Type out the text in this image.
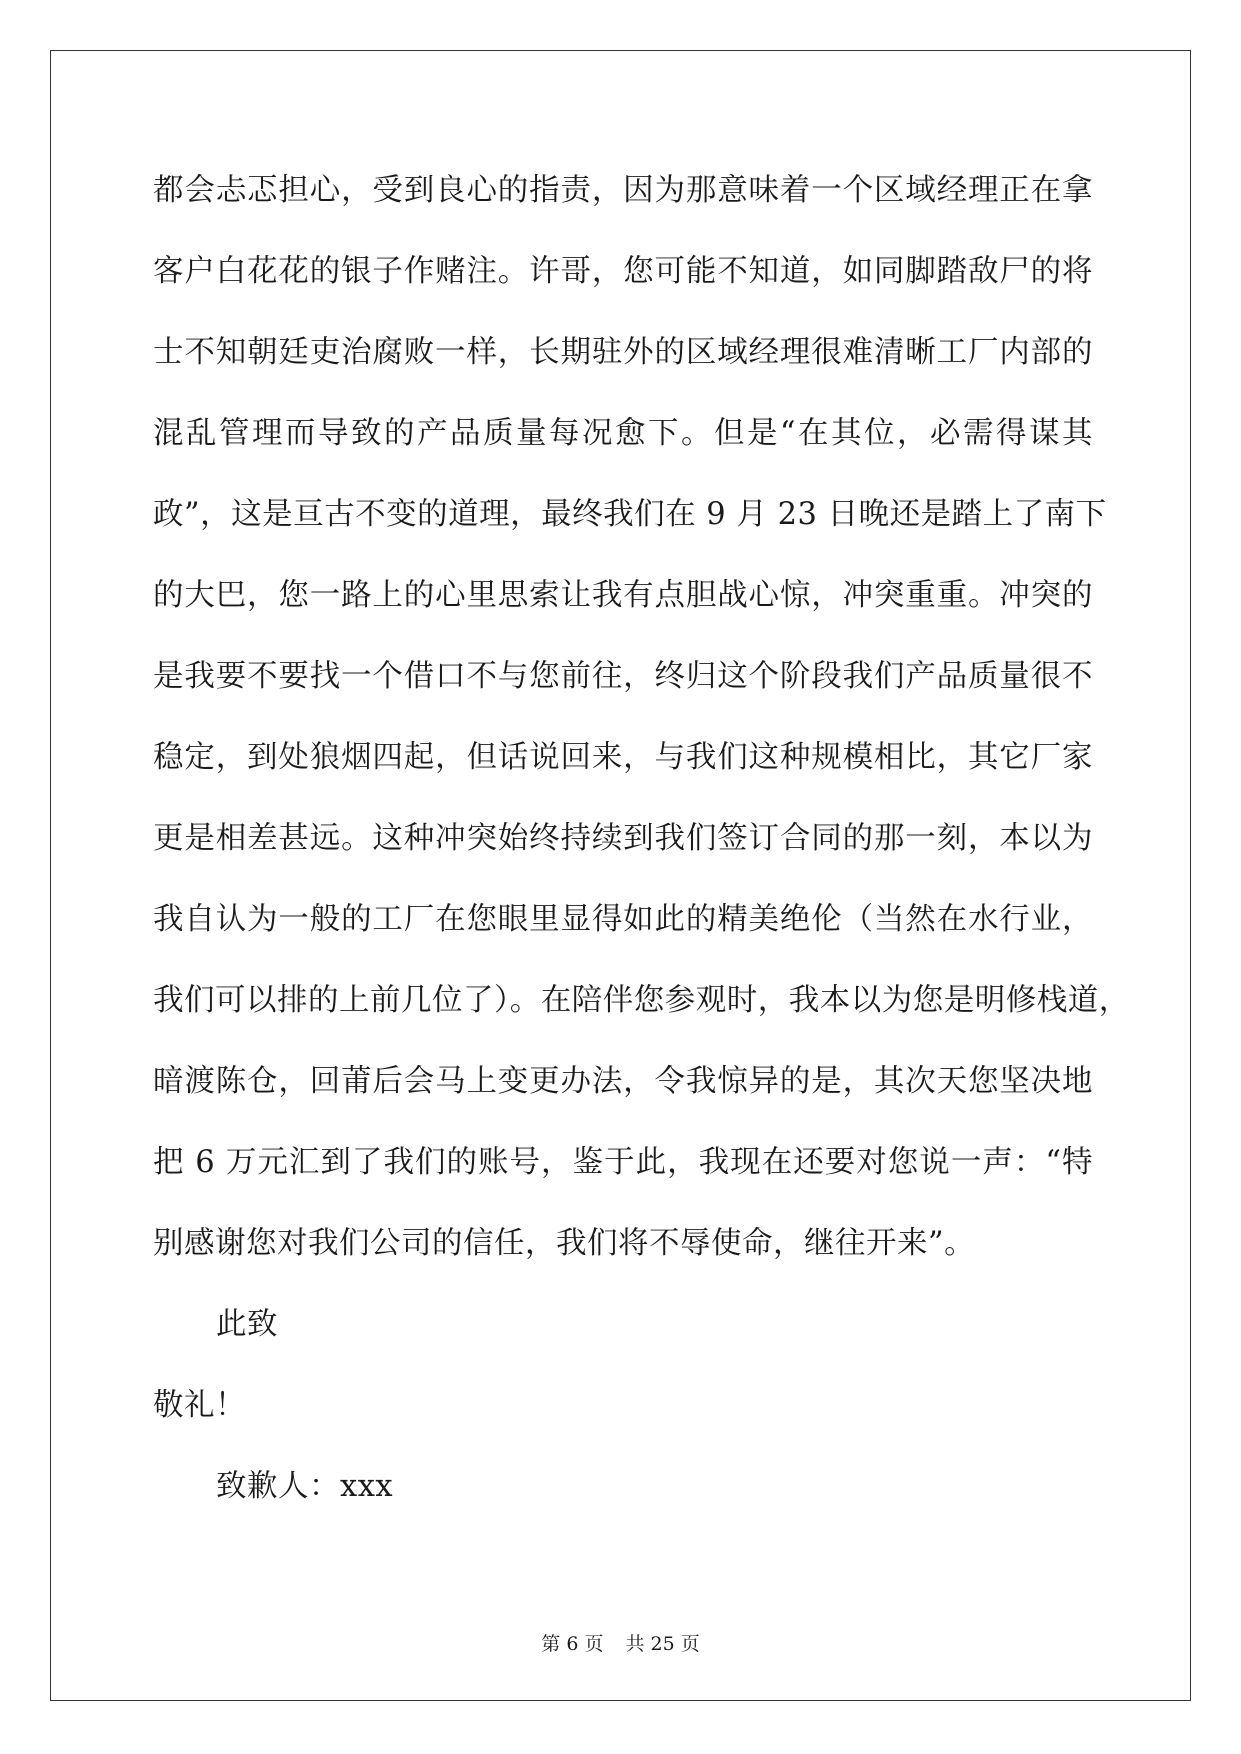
都会忐忑担心，受到良心的指责，因为那意味着一个区域经理正在拿
客户白花花的银子作赌注。许哥，您可能不知道，如同脚踏敌尸的将
士不知朝廷吏治腐败一样，长期驻外的区域经理很难清晰工厂内部的
混乱管理而导致的产品质量每况愈下。但是“在其位，必需得谋其
政”，这是亘古不变的道理，最终我们在 9 月 23 日晚还是踏上了南下
的大巴，您一路上的心里思索让我有点胆战心惊，冲突重重。冲突的
是我要不要找一个借口不与您前往，终归这个阶段我们产品质量很不
稳定，到处狼烟四起，但话说回来，与我们这种规模相比，其它厂家
更是相差甚远。这种冲突始终持续到我们签订合同的那一刻，本以为
我自认为一般的工厂在您眼里显得如此的精美绝伦（当然在水行业，
我们可以排的上前几位了）。在陪伴您参观时，我本以为您是明修栈道，
暗渡陈仓，回莆后会马上变更办法，令我惊异的是，其次天您坚决地
把 6 万元汇到了我们的账号，鉴于此，我现在还要对您说一声：“特
别感谢您对我们公司的信任，我们将不辱使命，继往开来”。
此致
敬礼！
致歉人：xxx
第 6 页 共 25 页
